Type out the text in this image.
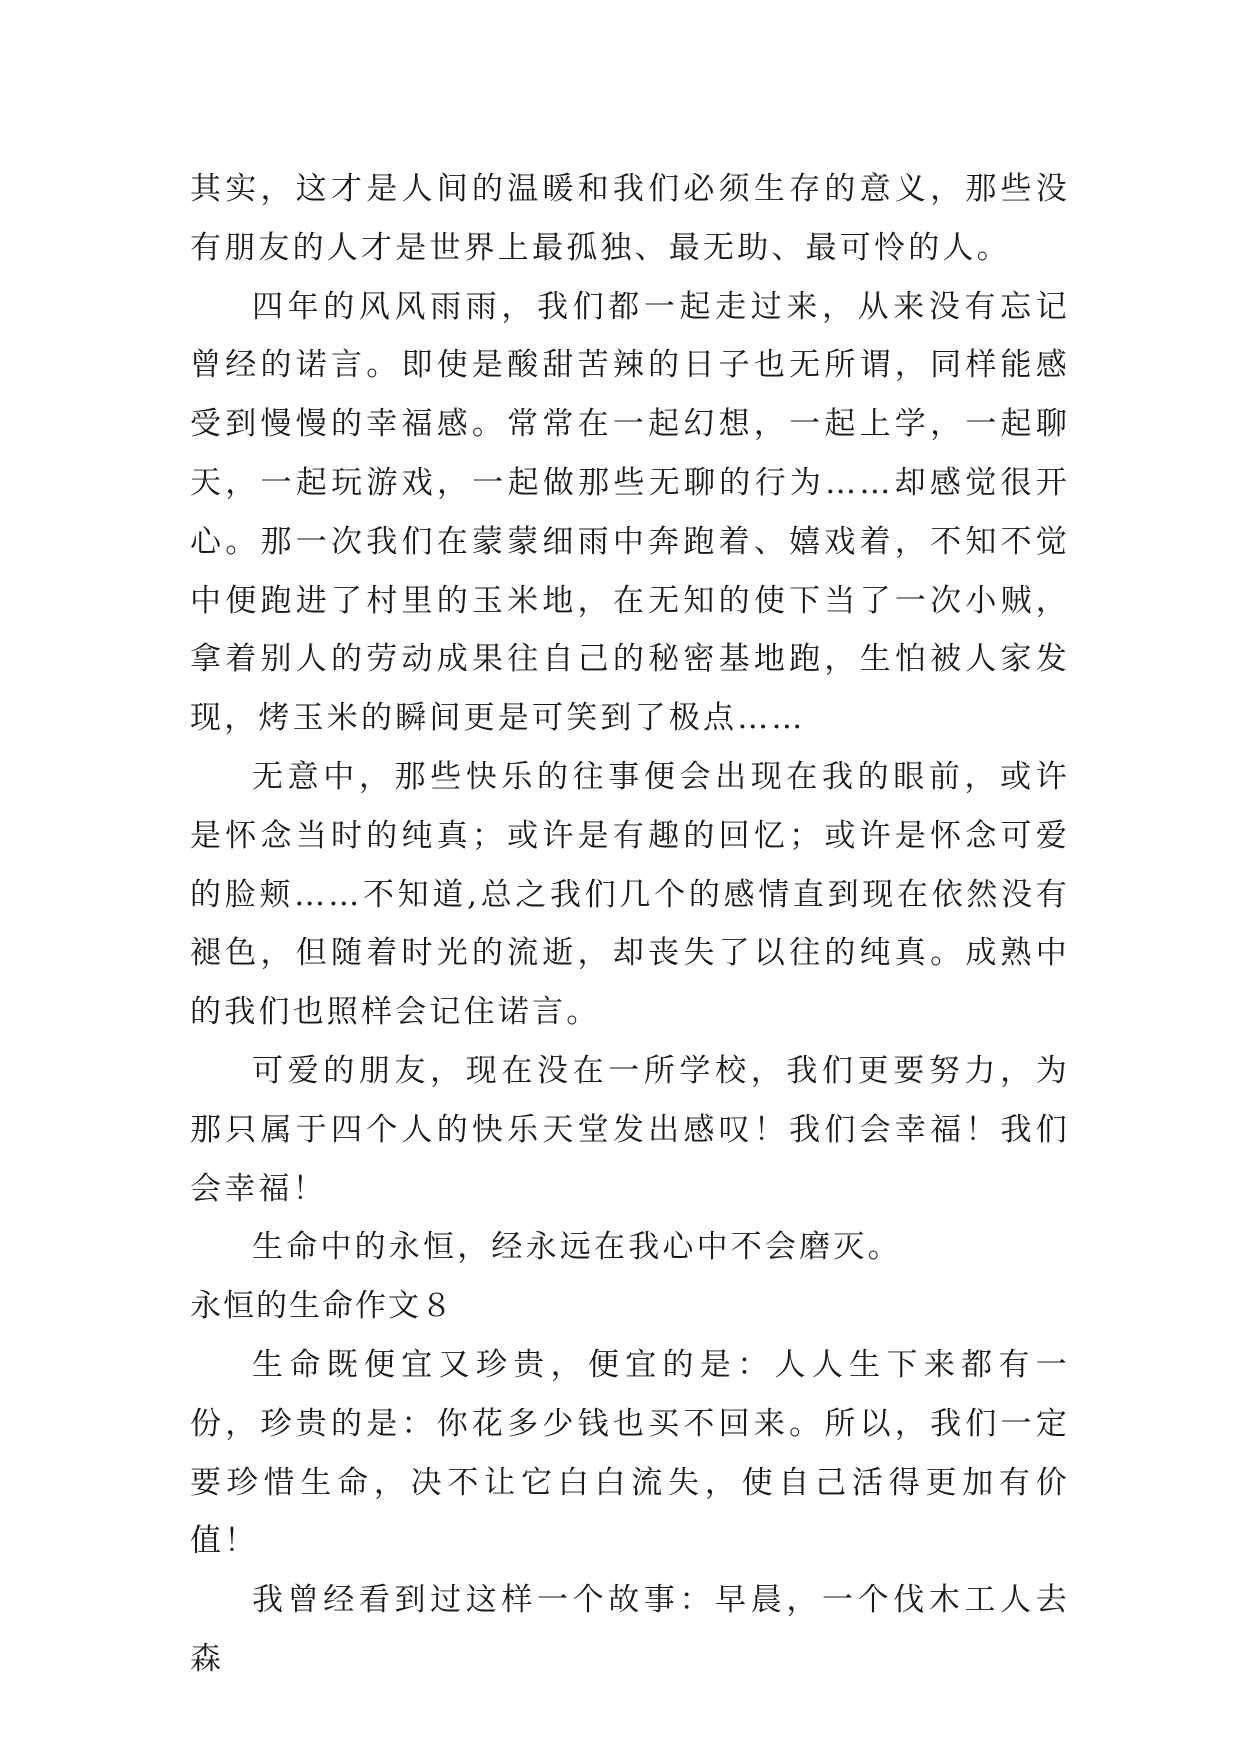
其实，这才是人间的温暖和我们必须生存的意义，那些没有朋友的人才是世界上最孤独、最无助、最可怜的人。

四年的风风雨雨，我们都一起走过来，从来没有忘记曾经的诺言。即使是酸甜苦辣的日子也无所谓，同样能感受到慢慢的幸福感。常常在一起幻想，一起上学，一起聊天，一起玩游戏，一起做那些无聊的行为……却感觉很开心。那一次我们在蒙蒙细雨中奔跑着、嬉戏着，不知不觉中便跑进了村里的玉米地，在无知的使下当了一次小贼，拿着别人的劳动成果往自己的秘密基地跑，生怕被人家发现，烤玉米的瞬间更是可笑到了极点……

无意中，那些快乐的往事便会出现在我的眼前，或许是怀念当时的纯真；或许是有趣的回忆；或许是怀念可爱的脸颊……不知道,总之我们几个的感情直到现在依然没有褪色，但随着时光的流逝，却丧失了以往的纯真。成熟中的我们也照样会记住诺言。

可爱的朋友，现在没在一所学校，我们更要努力，为那只属于四个人的快乐天堂发出感叹！我们会幸福！我们会幸福！

生命中的永恒，经永远在我心中不会磨灭。

永恒的生命作文８

生命既便宜又珍贵，便宜的是：人人生下来都有一份，珍贵的是：你花多少钱也买不回来。所以，我们一定要珍惜生命，决不让它白白流失，使自己活得更加有价值！

我曾经看到过这样一个故事：早晨，一个伐木工人去森
